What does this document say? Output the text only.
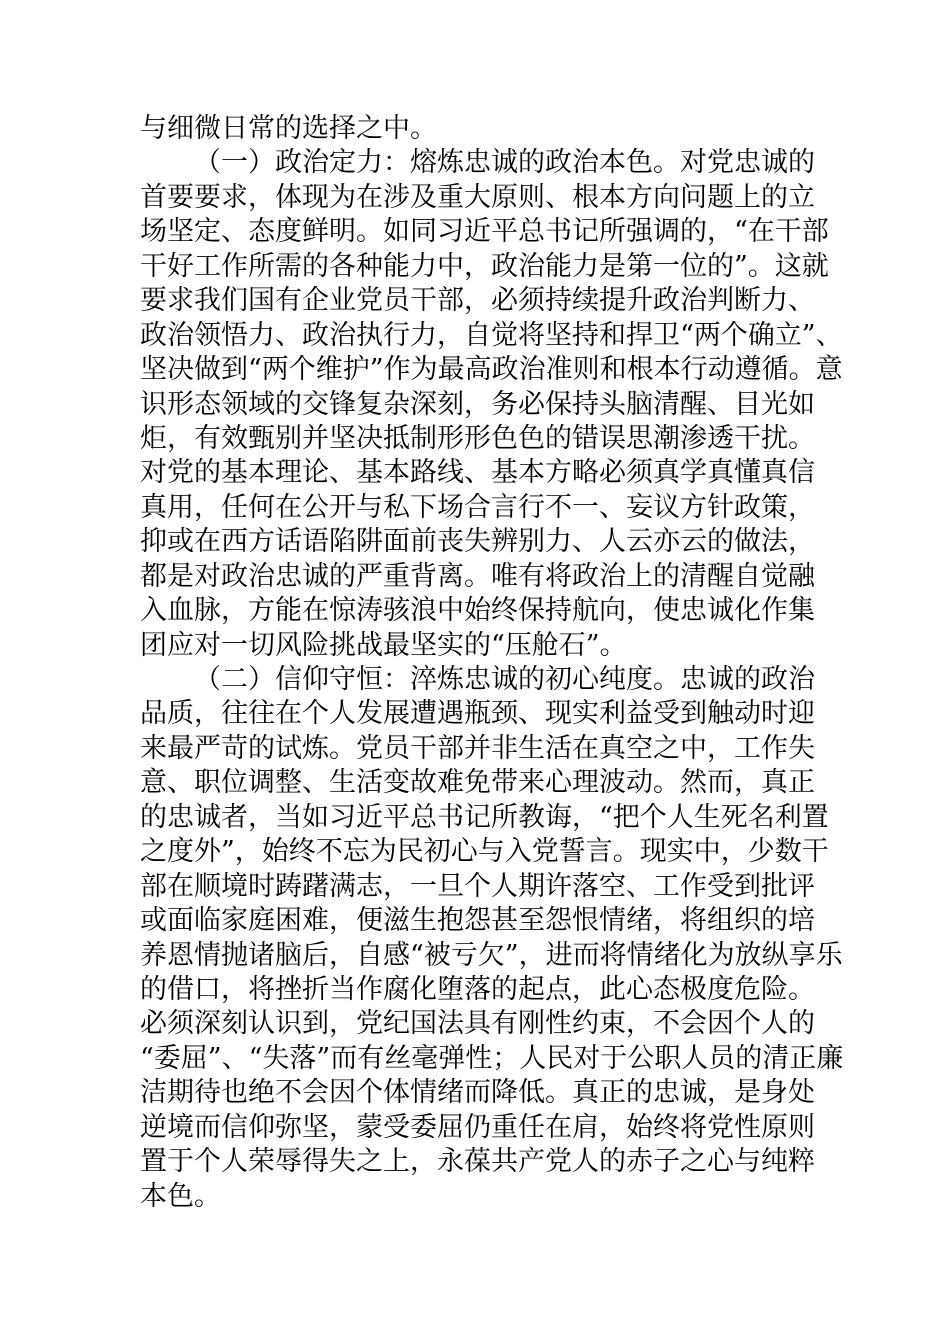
与细微日常的选择之中。
（一）政治定力：熔炼忠诚的政治本色。对党忠诚的
首要要求，体现为在涉及重大原则、根本方向问题上的立
场坚定、态度鲜明。如同习近平总书记所强调的，“在干部
干好工作所需的各种能力中，政治能力是第一位的”。这就
要求我们国有企业党员干部，必须持续提升政治判断力、
政治领悟力、政治执行力，自觉将坚持和捍卫“两个确立”、
坚决做到“两个维护”作为最高政治准则和根本行动遵循。意
识形态领域的交锋复杂深刻，务必保持头脑清醒、目光如
炬，有效甄别并坚决抵制形形色色的错误思潮渗透干扰。
对党的基本理论、基本路线、基本方略必须真学真懂真信
真用，任何在公开与私下场合言行不一、妄议方针政策，
抑或在西方话语陷阱面前丧失辨别力、人云亦云的做法，
都是对政治忠诚的严重背离。唯有将政治上的清醒自觉融
入血脉，方能在惊涛骇浪中始终保持航向，使忠诚化作集
团应对一切风险挑战最坚实的“压舱石”。
（二）信仰守恒：淬炼忠诚的初心纯度。忠诚的政治
品质，往往在个人发展遭遇瓶颈、现实利益受到触动时迎
来最严苛的试炼。党员干部并非生活在真空之中，工作失
意、职位调整、生活变故难免带来心理波动。然而，真正
的忠诚者，当如习近平总书记所教诲，“把个人生死名利置
之度外”，始终不忘为民初心与入党誓言。现实中，少数干
部在顺境时踌躇满志，一旦个人期许落空、工作受到批评
或面临家庭困难，便滋生抱怨甚至怨恨情绪，将组织的培
养恩情抛诸脑后，自感“被亏欠”，进而将情绪化为放纵享乐
的借口，将挫折当作腐化堕落的起点，此心态极度危险。
必须深刻认识到，党纪国法具有刚性约束，不会因个人的
“委屈”、“失落”而有丝毫弹性；人民对于公职人员的清正廉
洁期待也绝不会因个体情绪而降低。真正的忠诚，是身处
逆境而信仰弥坚，蒙受委屈仍重任在肩，始终将党性原则
置于个人荣辱得失之上，永葆共产党人的赤子之心与纯粹
本色。
